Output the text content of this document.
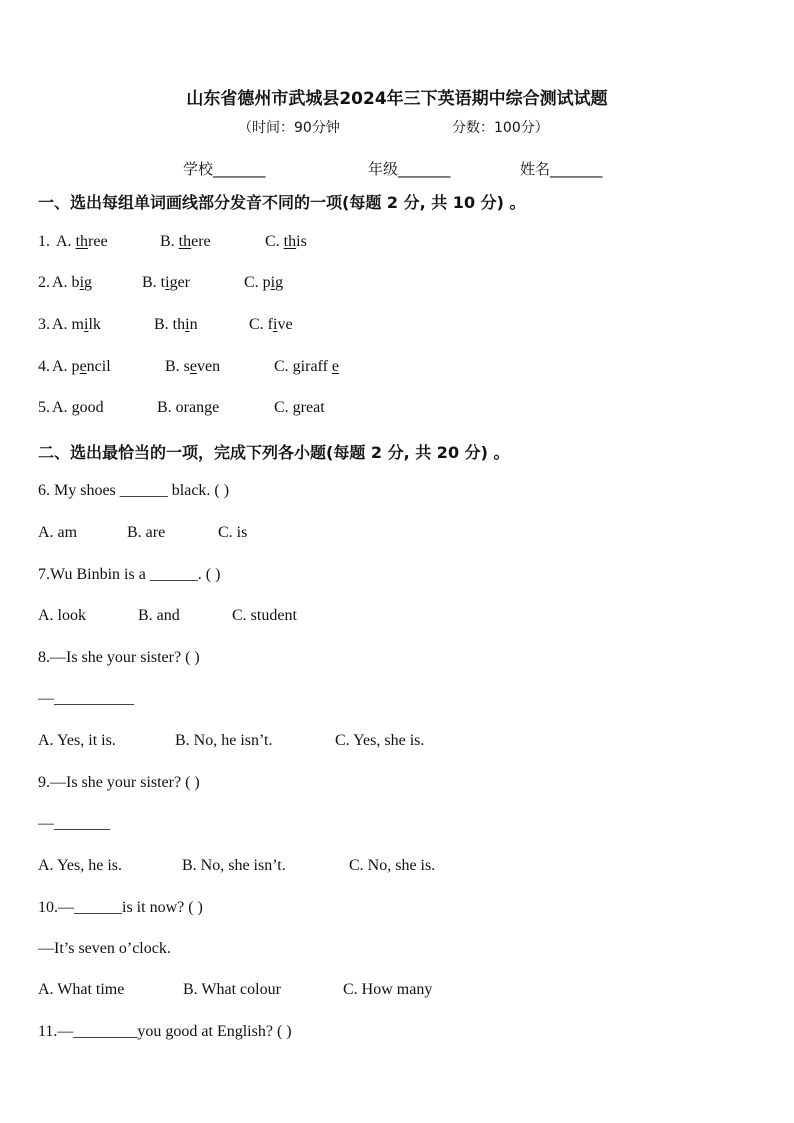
山东省德州市武城县2024年三下英语期中综合测试试题
（时间：90分钟	分数：100分）
学校_______	年级_______	姓名_______
一、选出每组单词画线部分发音不同的一项(每题 2 分, 共 10 分) 。
1. A. three	B. there	C. this
2. A. big	B. tiger	C. pig
3. A. milk	B. thin	C. five
4. A. pencil	B. seven	C. giraff e
5. A. good	B. orange	C. great
二、选出最恰当的一项，完成下列各小题(每题 2 分, 共 20 分) 。
6. My shoes ______ black. ( )
A. am	B. are	C. is
7.Wu Binbin is a ______. ( )
A. look	B. and	C. student
8.—Is she your sister? ( )
—__________
A. Yes, it is.	B. No, he isn’t.	C. Yes, she is.
9.—Is she your sister? ( )
—_______
A. Yes, he is.	B. No, she isn’t.	C. No, she is.
10.—______is it now? ( )
—It’s seven o’clock.
A. What time	B. What colour	C. How many
11.—________you good at English? ( )
